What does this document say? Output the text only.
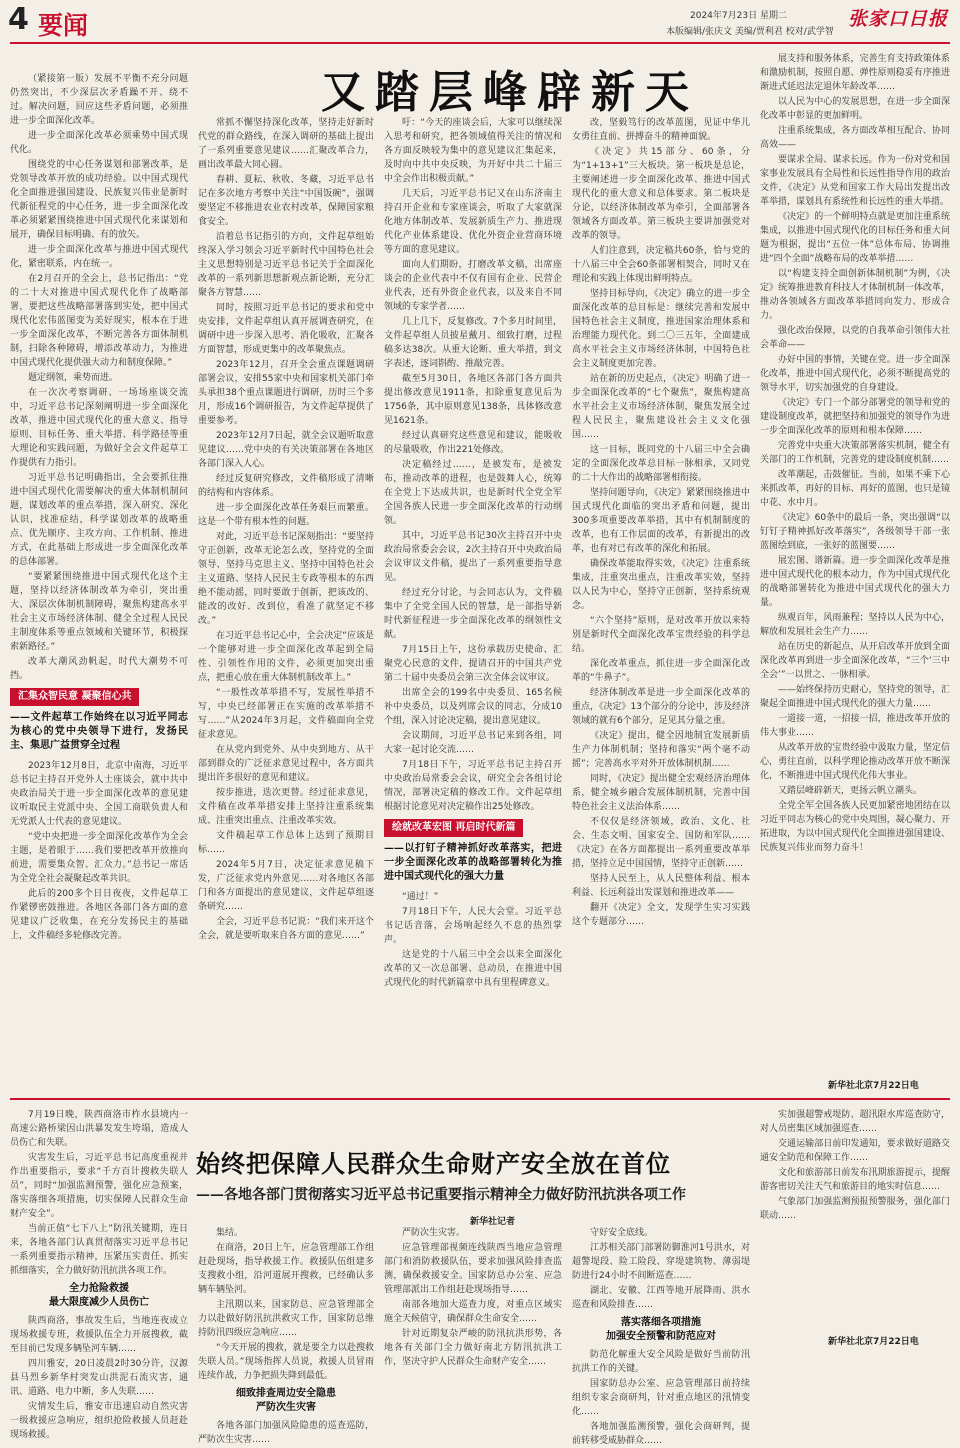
4 要闻	2024年7月23日 星期二
本版编辑/张庆文 美编/贾利君 校对/武学智
张家口日报
又踏层峰辟新天

（紧接第一版）发展不平衡不充分问题仍然突出，不少深层次矛盾躁不开、绕不过。解决问题，回应这些矛盾问题，必须推进一步全面深化改革。

进一步全面深化改革必须乘势中国式现代化。

围绕党的中心任务谋划和部署改革，是党领导改革开放的成功经验。以中国式现代化全面推进强国建设、民族复兴伟业是新时代新征程党的中心任务，进一步全面深化改革必须紧紧围绕推进中国式现代化来谋划和展开，确保目标明确、有的放矢。

进一步全面深化改革与推进中国式现代化，紧密联系，内在统一。

在2月召开的全会上，总书记指出：“党的二十大对推进中国式现代化作了战略部署，要把这些战略部署落到实处，把中国式现代化宏伟蓝图变为美好现实，根本在于进一步全面深化改革，不断完善各方面体制机制，扫除各种障碍，增添改革动力，为推进中国式现代化提供强大动力和制度保障。”

题定纲领，乘势而进。

在一次次考察调研、一场场座谈交流中，习近平总书记深刻阐明进一步全面深化改革，推进中国式现代化的重大意义、指导原则、目标任务、重大举措、科学路径等重大理论和实践问题，为做好全会文件起草工作提供有力指引。

习近平总书记明确指出，全会要抓住推进中国式现代化需要解决的重大体制机制问题，谋划改革的重点举措，深入研究、深化认识，找准症结，科学谋划改革的战略重点、优先顺序、主攻方向、工作机制、推进方式，在此基础上形成进一步全面深化改革的总体部署。

“要紧紧围绕推进中国式现代化这个主题，坚持以经济体制改革为牵引，突出重大、深层次体制机制障碍，聚焦构建高水平社会主义市场经济体制、健全全过程人民民主制度体系等重点领域和关键环节，积极探索新路径。”

改革大潮风劲帆起，时代大潮势不可挡。

汇集众智民意 凝聚信心共
——文件起草工作始终在以习近平同志为核心的党中央领导下进行，发扬民主、集思广益贯穿全过程

2023年12月8日，北京中南海，习近平总书记主持召开党外人士座谈会，就中共中央政治局关于进一步全面深化改革的意见建议听取民主党派中央、全国工商联负责人和无党派人士代表的意见建议。

“党中央把进一步全面深化改革作为全会主题，是着眼于……我们要把改革开放推向前进，需要集众智、汇众力。”总书记一席话为全党全社会凝聚起改革共识。

此后的200多个日日夜夜，文件起草工作紧锣密鼓推进。各地区各部门各方面的意见建议广泛收集，在充分发扬民主的基础上，文件稿经多轮修改完善。

常抓不懈坚持深化改革，坚持走好新时代党的群众路线，在深入调研的基础上提出了一系列重要意见建议……汇聚改革合力，画出改革最大同心圆。

春耕、夏耘、秋收、冬藏，习近平总书记在多次地方考察中关注“中国饭碗”，强调要坚定不移推进农业农村改革，保障国家粮食安全。

沿着总书记指引的方向，文件起草组始终深入学习领会习近平新时代中国特色社会主义思想特别是习近平总书记关于全面深化改革的一系列新思想新观点新论断，充分汇聚各方智慧……

同时，按照习近平总书记的要求和党中央安排，文件起草组认真开展调查研究，在调研中进一步深入思考、消化吸收，汇聚各方面智慧，形成更集中的改革聚焦点。

2023年12月，召开全会重点课题调研部署会议，安排55家中央和国家机关部门牵头承担38个重点课题进行调研，历时三个多月，形成16个调研报告，为文件起草提供了重要参考。

2023年12月7日起，就全会议题听取意见建议……党中央的有关决策部署在各地区各部门深入人心。

经过反复研究修改，文件稿形成了清晰的结构和内容体系。

进一步全面深化改革任务艰巨而繁重。这是一个带有根本性的问题。

对此，习近平总书记深刻指出：“要坚持守正创新，改革无论怎么改，坚持党的全面领导、坚持马克思主义、坚持中国特色社会主义道路、坚持人民民主专政等根本的东西绝不能动摇，同时要敢于创新，把该改的、能改的改好、改到位，看准了就坚定不移改。”

在习近平总书记心中，全会决定“应该是一个能够对进一步全面深化改革起到全局性、引领性作用的文件，必须更加突出重点，把重心放在重大体制机制改革上。”

“一般性改革举措不写，发展性举措不写，中央已经部署正在实施的改革举措不写……”从2024年3月起，文件稿面向全党征求意见。

在从党内到党外、从中央到地方、从干部到群众的广泛征求意见过程中，各方面共提出许多很好的意见和建议。

按步推进，迭次更替。经过征求意见，文件稿在改革举措安排上坚持注重系统集成、注重突出重点、注重改革实效。

文件稿起草工作总体上达到了预期目标……

2024年5月7日，决定征求意见稿下发，广泛征求党内外意见……对各地区各部门和各方面提出的意见建议，文件起草组逐条研究……

全会，习近平总书记说：“我们来开这个全会，就是要听取来自各方面的意见……”

吁：“今天的座谈会后，大家可以继续深入思考和研究，把各领域值得关注的情况和各方面反映较为集中的意见建议汇集起来，及时向中共中央反映，为开好中共二十届三中全会作出积极贡献。”

几天后，习近平总书记又在山东济南主持召开企业和专家座谈会，听取了大家就深化地方体制改革、发展新质生产力、推进现代化产业体系建设、优化外资企业营商环境等方面的意见建议。

面向人们期盼，打磨改革文稿，出席座谈会的企业代表中不仅有国有企业、民营企业代表，还有外资企业代表，以及来自不同领域的专家学者……

几上几下，反复修改。7个多月时间里，文件起草组人员披星戴月、细致打磨，过程稿多达38次。从重大论断、重大举措，到文字表述，逐词斟酌、推敲完善。

截至5月30日，各地区各部门各方面共提出修改意见1911条，扣除重复意见后为1756条，其中原则意见138条，具体修改意见1621条。

经过认真研究这些意见和建议，能吸收的尽量吸收，作出221处修改。

决定稿经过……，是被发布，是被发布，推动改革的进程，也是鼓舞人心，统筹在全党上下达成共识，也是新时代全党全军全国各族人民进一步全面深化改革的行动纲领。

其中，习近平总书记30次主持召开中央政治局常委会会议，2次主持召开中央政治局会议审议文件稿，提出了一系列重要指导意见。

经过充分讨论，与会同志认为，文件稿集中了全党全国人民的智慧，是一部指导新时代新征程进一步全面深化改革的纲领性文献。

7月15日上午，这份承载历史使命、汇聚党心民意的文件，提请召开的中国共产党第二十届中央委员会第三次全体会议审议。

出席全会的199名中央委员、165名候补中央委员，以及列席会议的同志，分成10个组，深入讨论决定稿，提出意见建议。

会议期间，习近平总书记来到各组，同大家一起讨论交流……

7月18日下午，习近平总书记主持召开中央政治局常委会会议，研究全会各组讨论情况，部署决定稿的修改工作。文件起草组根据讨论意见对决定稿作出25处修改。

绘就改革宏图 再启时代新篇
——以打钉子精神抓好改革落实，把进一步全面深化改革的战略部署转化为推进中国式现代化的强大力量

“通过！”

7月18日下午，人民大会堂。习近平总书记话音落，会场响起经久不息的热烈掌声。

这是党的十八届三中全会以来全面深化改革的又一次总部署、总动员，在推进中国式现代化的时代新篇章中具有里程碑意义。

改，坚毅笃行的改革蓝图，见证中华儿女勇往直前、拼搏奋斗的精神面貌。

《决定》共15部分、60条，分为“1+13+1”三大板块。第一板块是总论，主要阐述进一步全面深化改革、推进中国式现代化的重大意义和总体要求。第二板块是分论，以经济体制改革为牵引，全面部署各领域各方面改革。第三板块主要讲加强党对改革的领导。

人们注意到，决定稿共60条，恰与党的十八届三中全会60条部署相契合，同时又在理论和实践上体现出鲜明特点。

坚持目标导向，《决定》确立的进一步全面深化改革的总目标是：继续完善和发展中国特色社会主义制度，推进国家治理体系和治理能力现代化。到二〇三五年，全面建成高水平社会主义市场经济体制，中国特色社会主义制度更加完善。

站在新的历史起点，《决定》明确了进一步全面深化改革的“七个聚焦”，聚焦构建高水平社会主义市场经济体制，聚焦发展全过程人民民主，聚焦建设社会主义文化强国……

这一目标，既同党的十八届三中全会确定的全面深化改革总目标一脉相承，又同党的二十大作出的战略部署相衔接。

坚持问题导向，《决定》紧紧围绕推进中国式现代化面临的突出矛盾和问题，提出300多项重要改革举措，其中有机制制度的改革，也有工作层面的改革，有新提出的改革，也有对已有改革的深化和拓展。

确保改革能取得实效，《决定》注重系统集成，注重突出重点，注重改革实效，坚持以人民为中心，坚持守正创新，坚持系统观念。

“六个坚持”原则，是对改革开放以来特别是新时代全面深化改革宝贵经验的科学总结。

深化改革重点，抓住进一步全面深化改革的“牛鼻子”。

经济体制改革是进一步全面深化改革的重点，《决定》13个部分的分论中，涉及经济领域的就有6个部分，足见其分量之重。

《决定》提出，健全因地制宜发展新质生产力体制机制；坚持和落实“两个毫不动摇”；完善高水平对外开放体制机制……

同时，《决定》提出健全宏观经济治理体系，健全城乡融合发展体制机制，完善中国特色社会主义法治体系……

不仅仅是经济领域，政治、文化、社会、生态文明、国家安全、国防和军队……《决定》在各方面都提出一系列重要改革举措，坚持立足中国国情，坚持守正创新……

坚持人民至上，从人民整体利益、根本利益、长远利益出发谋划和推进改革——

翻开《决定》全文，发现学生实习实践这个专题部分……

展支持和服务体系，完善生育支持政策体系和激励机制，按照自愿、弹性原则稳妥有序推进渐进式延迟法定退休年龄改革……

以人民为中心的发展思想，在进一步全面深化改革中彰显的更加鲜明。

注重系统集成，各方面改革相互配合、协同高效——

要谋求全局、谋求长远。作为一份对党和国家事业发展具有全局性和长远性指导作用的政治文件，《决定》从党和国家工作大局出发提出改革举措，谋划具有系统性和长远性的重大举措。

《决定》的一个鲜明特点就是更加注重系统集成，以推进中国式现代化的目标任务和重大问题为根据，提出“五位一体”总体布局、协调推进“四个全面”战略布局的改革举措……

以“构建支持全面创新体制机制”为例，《决定》统筹推进教育科技人才体制机制一体改革，推动各领域各方面改革举措同向发力、形成合力。

强化改治保障，以党的自我革命引领伟大社会革命——

办好中国的事情，关键在党。进一步全面深化改革，推进中国式现代化，必须不断提高党的领导水平，切实加强党的自身建设。

《决定》专门一个部分部署党的领导和党的建设制度改革，就把坚持和加强党的领导作为进一步全面深化改革的原则和根本保障……

完善党中央重大决策部署落实机制，健全有关部门的工作机制，完善党的建设制度机制……

改革潮起，击鼓催征。当前，如果不乘下心来抓改革，再好的目标、再好的蓝图，也只是镜中花、水中月。

《决定》60条中的最后一条，突出强调“以钉钉子精神抓好改革落实”，各级领导干部一张蓝图绘到底，一张好的蓝图要……

展宏图、谱新篇。进一步全面深化改革是推进中国式现代化的根本动力，作为中国式现代化的战略部署转化为推进中国式现代化的强大力量。

纵观百年，风雨兼程；坚持以人民为中心，解放和发展社会生产力……

站在历史的新起点，从开启改革开放到全面深化改革再到进一步全面深化改革，“三个‘三中全会’”一以贯之、一脉相承。

——始终保持历史耐心，坚持党的领导，汇聚起全面推进中国式现代化的强大力量……

一道接一道，一招接一招，推进改革开放的伟大事业……

从改革开放的宝贵经验中汲取力量，坚定信心，勇往直前，以科学理论推动改革开放不断深化，不断推进中国式现代化伟大事业。

又踏层峰辟新天，更扬云帆立潮头。

全党全军全国各族人民更加紧密地团结在以习近平同志为核心的党中央周围，凝心聚力、开拓进取，为以中国式现代化全面推进强国建设、民族复兴伟业而努力奋斗！

新华社北京7月22日电
始终把保障人民群众生命财产安全放在首位
——各地各部门贯彻落实习近平总书记重要指示精神全力做好防汛抗洪各项工作
新华社记者

7月19日晚，陕西商洛市柞水县境内一高速公路桥梁因山洪暴发发生垮塌，造成人员伤亡和失联。

灾害发生后，习近平总书记高度重视并作出重要指示，要求“千方百计搜救失联人员”，同时“加强监测预警，强化应急预案，落实落细各项措施，切实保障人民群众生命财产安全”。

当前正值“七下八上”防汛关键期，连日来，各地各部门认真贯彻落实习近平总书记一系列重要指示精神，压紧压实责任、抓实抓细落实，全力做好防汛抗洪各项工作。

全力抢险救援
最大限度减少人员伤亡

陕西商洛，事故发生后，当地连夜成立现场救援专班，救援队伍全力开展搜救，截至目前已发现多辆坠河车辆……

四川雅安，20日凌晨2时30分许，汉源县马烈乡新华村突发山洪泥石流灾害，通讯、道路、电力中断，多人失联……

灾情发生后，雅安市迅速启动自然灾害一级救援应急响应，组织抢险救援人员赶赴现场救援。

集结。

在商洛，20日上午，应急管理部工作组赶赴现场，指导救援工作。救援队伍组建多支搜救小组，沿河道展开搜救，已经确认多辆车辆坠河。

主汛期以来，国家防总、应急管理部全力以赴做好防汛抗洪救灾工作，国家防总维持防汛四级应急响应……

“今天开展的搜救，就是要全力以赴搜救失联人员。”现场指挥人员说，救援人员冒雨连续作战，力争把损失降到最低。

细致排查周边安全隐患
严防次生灾害

各地各部门加强风险隐患的巡查巡防，严防次生灾害……

严防次生灾害。

应急管理部视频连线陕西当地应急管理部门和消防救援队伍，要求加强风险排查监测，确保救援安全。国家防总办公室、应急管理部派出工作组赶赴现场指导……

南部各地加大巡查力度，对重点区域实施全天候值守，确保群众生命安全……

针对近期复杂严峻的防汛抗洪形势，各地各有关部门全力做好南北方防汛抗洪工作，坚决守护人民群众生命财产安全……

守好安全底线。

江苏相关部门部署防御淮河1号洪水，对超警堤段、险工险段、穿堤建筑物、薄弱堤防进行24小时不间断巡查……

湖北、安徽、江西等地开展降雨、洪水巡查和风险排查……

落实落细各项措施
加强安全预警和防范应对

防范化解重大安全风险是做好当前防汛抗洪工作的关键。

国家防总办公室、应急管理部日前持续组织专家会商研判，针对重点地区的汛情变化……

各地加强监测预警，强化会商研判，提前转移受威胁群众……

实加强超警戒堤防、超汛限水库巡查防守，对人员密集区域加强巡查……

交通运输部日前印发通知，要求做好道路交通安全防范和保障工作……

文化和旅游部日前发布汛期旅游提示，提醒游客密切关注天气和旅游目的地实时信息……

气象部门加强监测预报预警服务，强化部门联动……

新华社北京7月22日电
